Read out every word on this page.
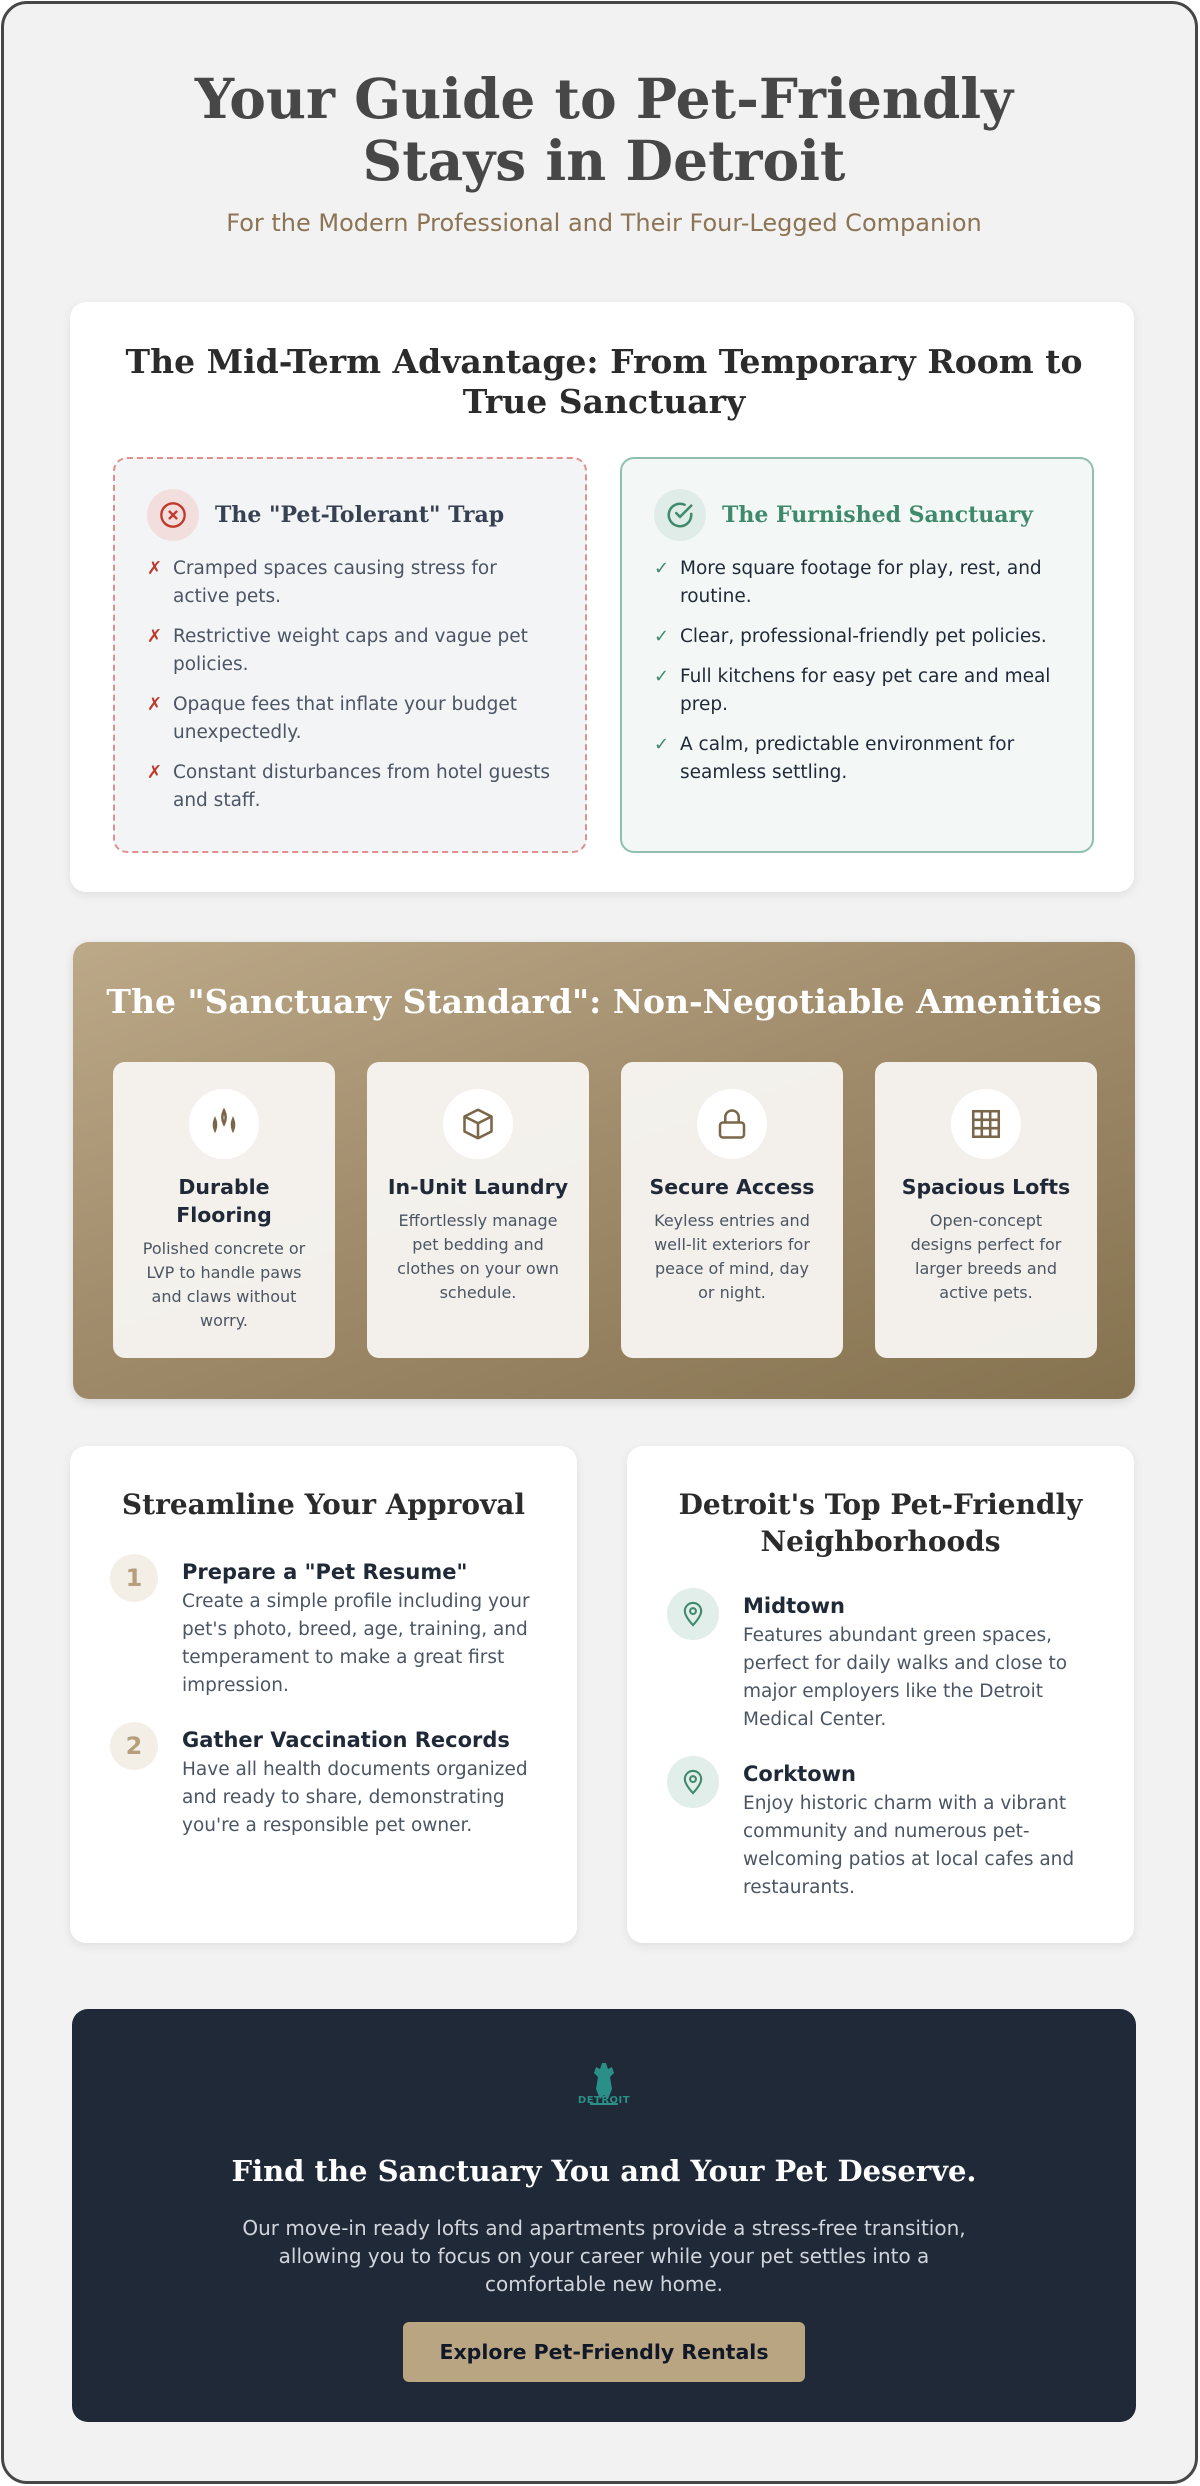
Your Guide to Pet-Friendly Stays in Detroit

For the Modern Professional and Their Four-Legged Companion

The Mid-Term Advantage: From Temporary Room to True Sanctuary
The "Pet-Tolerant" Trap
✗ Cramped spaces causing stress for active pets.
✗ Restrictive weight caps and vague pet policies.
✗ Opaque fees that inflate your budget unexpectedly.
✗ Constant disturbances from hotel guests and staff.
The Furnished Sanctuary
✓ More square footage for play, rest, and routine.
✓ Clear, professional-friendly pet policies.
✓ Full kitchens for easy pet care and meal prep.
✓ A calm, predictable environment for seamless settling.
The "Sanctuary Standard": Non-Negotiable Amenities
Durable Flooring
Polished concrete or LVP to handle paws and claws without worry.
In-Unit Laundry
Effortlessly manage pet bedding and clothes on your own schedule.
Secure Access
Keyless entries and well-lit exteriors for peace of mind, day or night.
Spacious Lofts
Open-concept designs perfect for larger breeds and active pets.
Streamline Your Approval
1	Prepare a "Pet Resume"
Create a simple profile including your pet's photo, breed, age, training, and temperament to make a great first impression.
2	Gather Vaccination Records
Have all health documents organized and ready to share, demonstrating you're a responsible pet owner.
Detroit's Top Pet-Friendly Neighborhoods
Midtown
Features abundant green spaces, perfect for daily walks and close to major employers like the Detroit Medical Center.
Corktown
Enjoy historic charm with a vibrant community and numerous pet-welcoming patios at local cafes and restaurants.
DETROIT
Find the Sanctuary You and Your Pet Deserve.

Our move-in ready lofts and apartments provide a stress-free transition, allowing you to focus on your career while your pet settles into a comfortable new home.

Explore Pet-Friendly Rentals
